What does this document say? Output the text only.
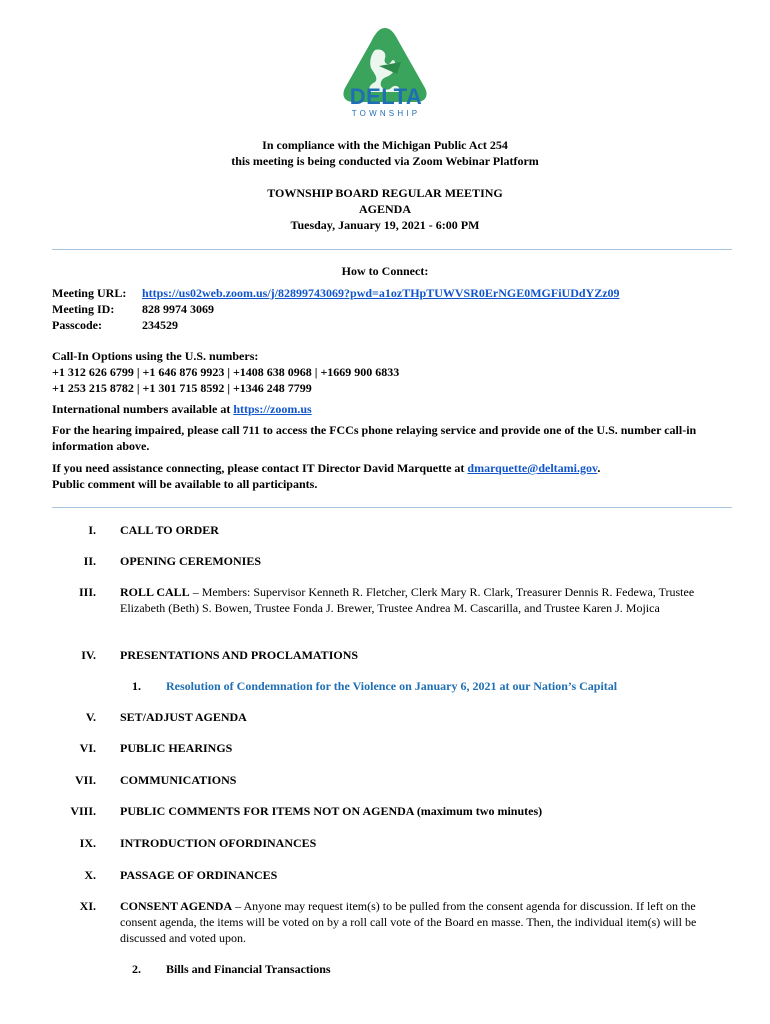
DELTA
TOWNSHIP
In compliance with the Michigan Public Act 254
this meeting is being conducted via Zoom Webinar Platform
TOWNSHIP BOARD REGULAR MEETING
AGENDA
Tuesday, January 19, 2021 - 6:00 PM
How to Connect:
Meeting URL: https://us02web.zoom.us/j/82899743069?pwd=a1ozTHpTUWVSR0ErNGE0MGFiUDdYZz09
Meeting ID: 828 9974 3069
Passcode:	234529
Call-In Options using the U.S. numbers:
+1 312 626 6799 | +1 646 876 9923 | +1408 638 0968 | +1669 900 6833
+1 253 215 8782 | +1 301 715 8592 | +1346 248 7799
International numbers available at https://zoom.us
For the hearing impaired, please call 711 to access the FCCs phone relaying service and provide one of the U.S. number call-in information above.
If you need assistance connecting, please contact IT Director David Marquette at dmarquette@deltami.gov.
Public comment will be available to all participants.
I. CALL TO ORDER
II. OPENING CEREMONIES
III. ROLL CALL – Members: Supervisor Kenneth R. Fletcher, Clerk Mary R. Clark, Treasurer Dennis R. Fedewa, Trustee Elizabeth (Beth) S. Bowen, Trustee Fonda J. Brewer, Trustee Andrea M. Cascarilla, and Trustee Karen J. Mojica
IV. PRESENTATIONS AND PROCLAMATIONS
1. Resolution of Condemnation for the Violence on January 6, 2021 at our Nation’s Capital
V. SET/ADJUST AGENDA
VI. PUBLIC HEARINGS
VII. COMMUNICATIONS
VIII. PUBLIC COMMENTS FOR ITEMS NOT ON AGENDA (maximum two minutes)
IX. INTRODUCTION OFORDINANCES
X. PASSAGE OF ORDINANCES
XI. CONSENT AGENDA – Anyone may request item(s) to be pulled from the consent agenda for discussion. If left on the consent agenda, the items will be voted on by a roll call vote of the Board en masse. Then, the individual item(s) will be discussed and voted upon.
2. Bills and Financial Transactions
